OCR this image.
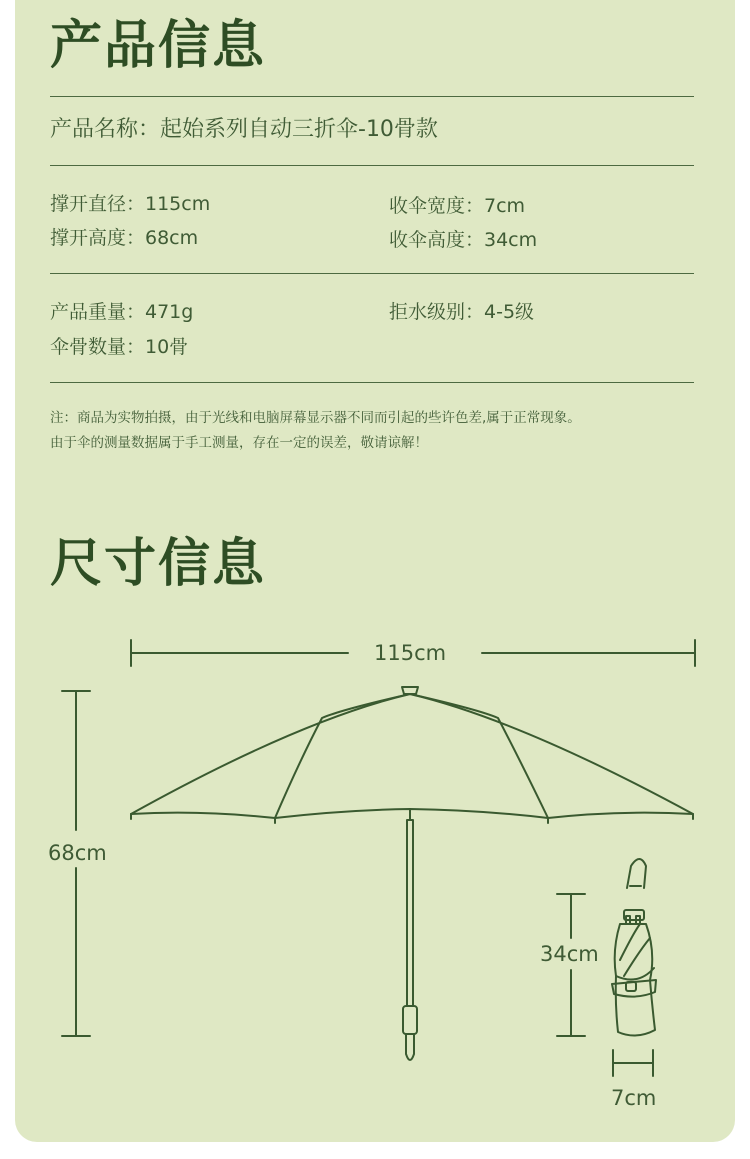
产品信息
产品名称：起始系列自动三折伞-10骨款
撑开直径：115cm	收伞宽度：7cm
撑开高度：68cm	收伞高度：34cm
产品重量：471g	拒水级别：4-5级
伞骨数量：10骨
注：商品为实物拍摄，由于光线和电脑屏幕显示器不同而引起的些许色差,属于正常现象。
由于伞的测量数据属于手工测量，存在一定的误差，敬请谅解！
尺寸信息
115cm
68cm
34cm
7cm
